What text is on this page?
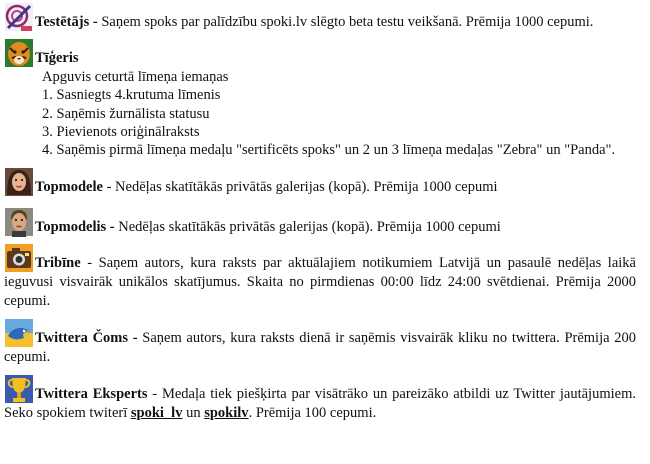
Testētājs - Saņem spoks par palīdzību spoki.lv slēgto beta testu veikšanā. Prēmija 1000 cepumi.
Tīģeris
Apguvis ceturtā līmeņa iemaņas
1. Sasniegts 4.krutuma līmenis
2. Saņēmis žurnālista statusu
3. Pievienots oriģinālraksts
4. Saņēmis pirmā līmeņa medaļu "sertificēts spoks" un 2 un 3 līmeņa medaļas "Zebra" un "Panda".
Topmodele - Nedēļas skatītākās privātās galerijas (kopā). Prēmija 1000 cepumi
Topmodelis - Nedēļas skatītākās privātās galerijas (kopā). Prēmija 1000 cepumi
Tribīne - Saņem autors, kura raksts par aktuālajiem notikumiem Latvijā un pasaulē nedēļas laikā ieguvusi visvairāk unikālos skatījumus. Skaita no pirmdienas 00:00 līdz 24:00 svētdienai. Prēmija 2000 cepumi.
Twittera Čoms - Saņem autors, kura raksts dienā ir saņēmis visvairāk kliku no twittera. Prēmija 200 cepumi.
Twittera Eksperts - Medaļa tiek piešķirta par visātrāko un pareizāko atbildi uz Twitter jautājumiem. Seko spokiem twiterī spoki_lv un spokilv. Prēmija 100 cepumi.
